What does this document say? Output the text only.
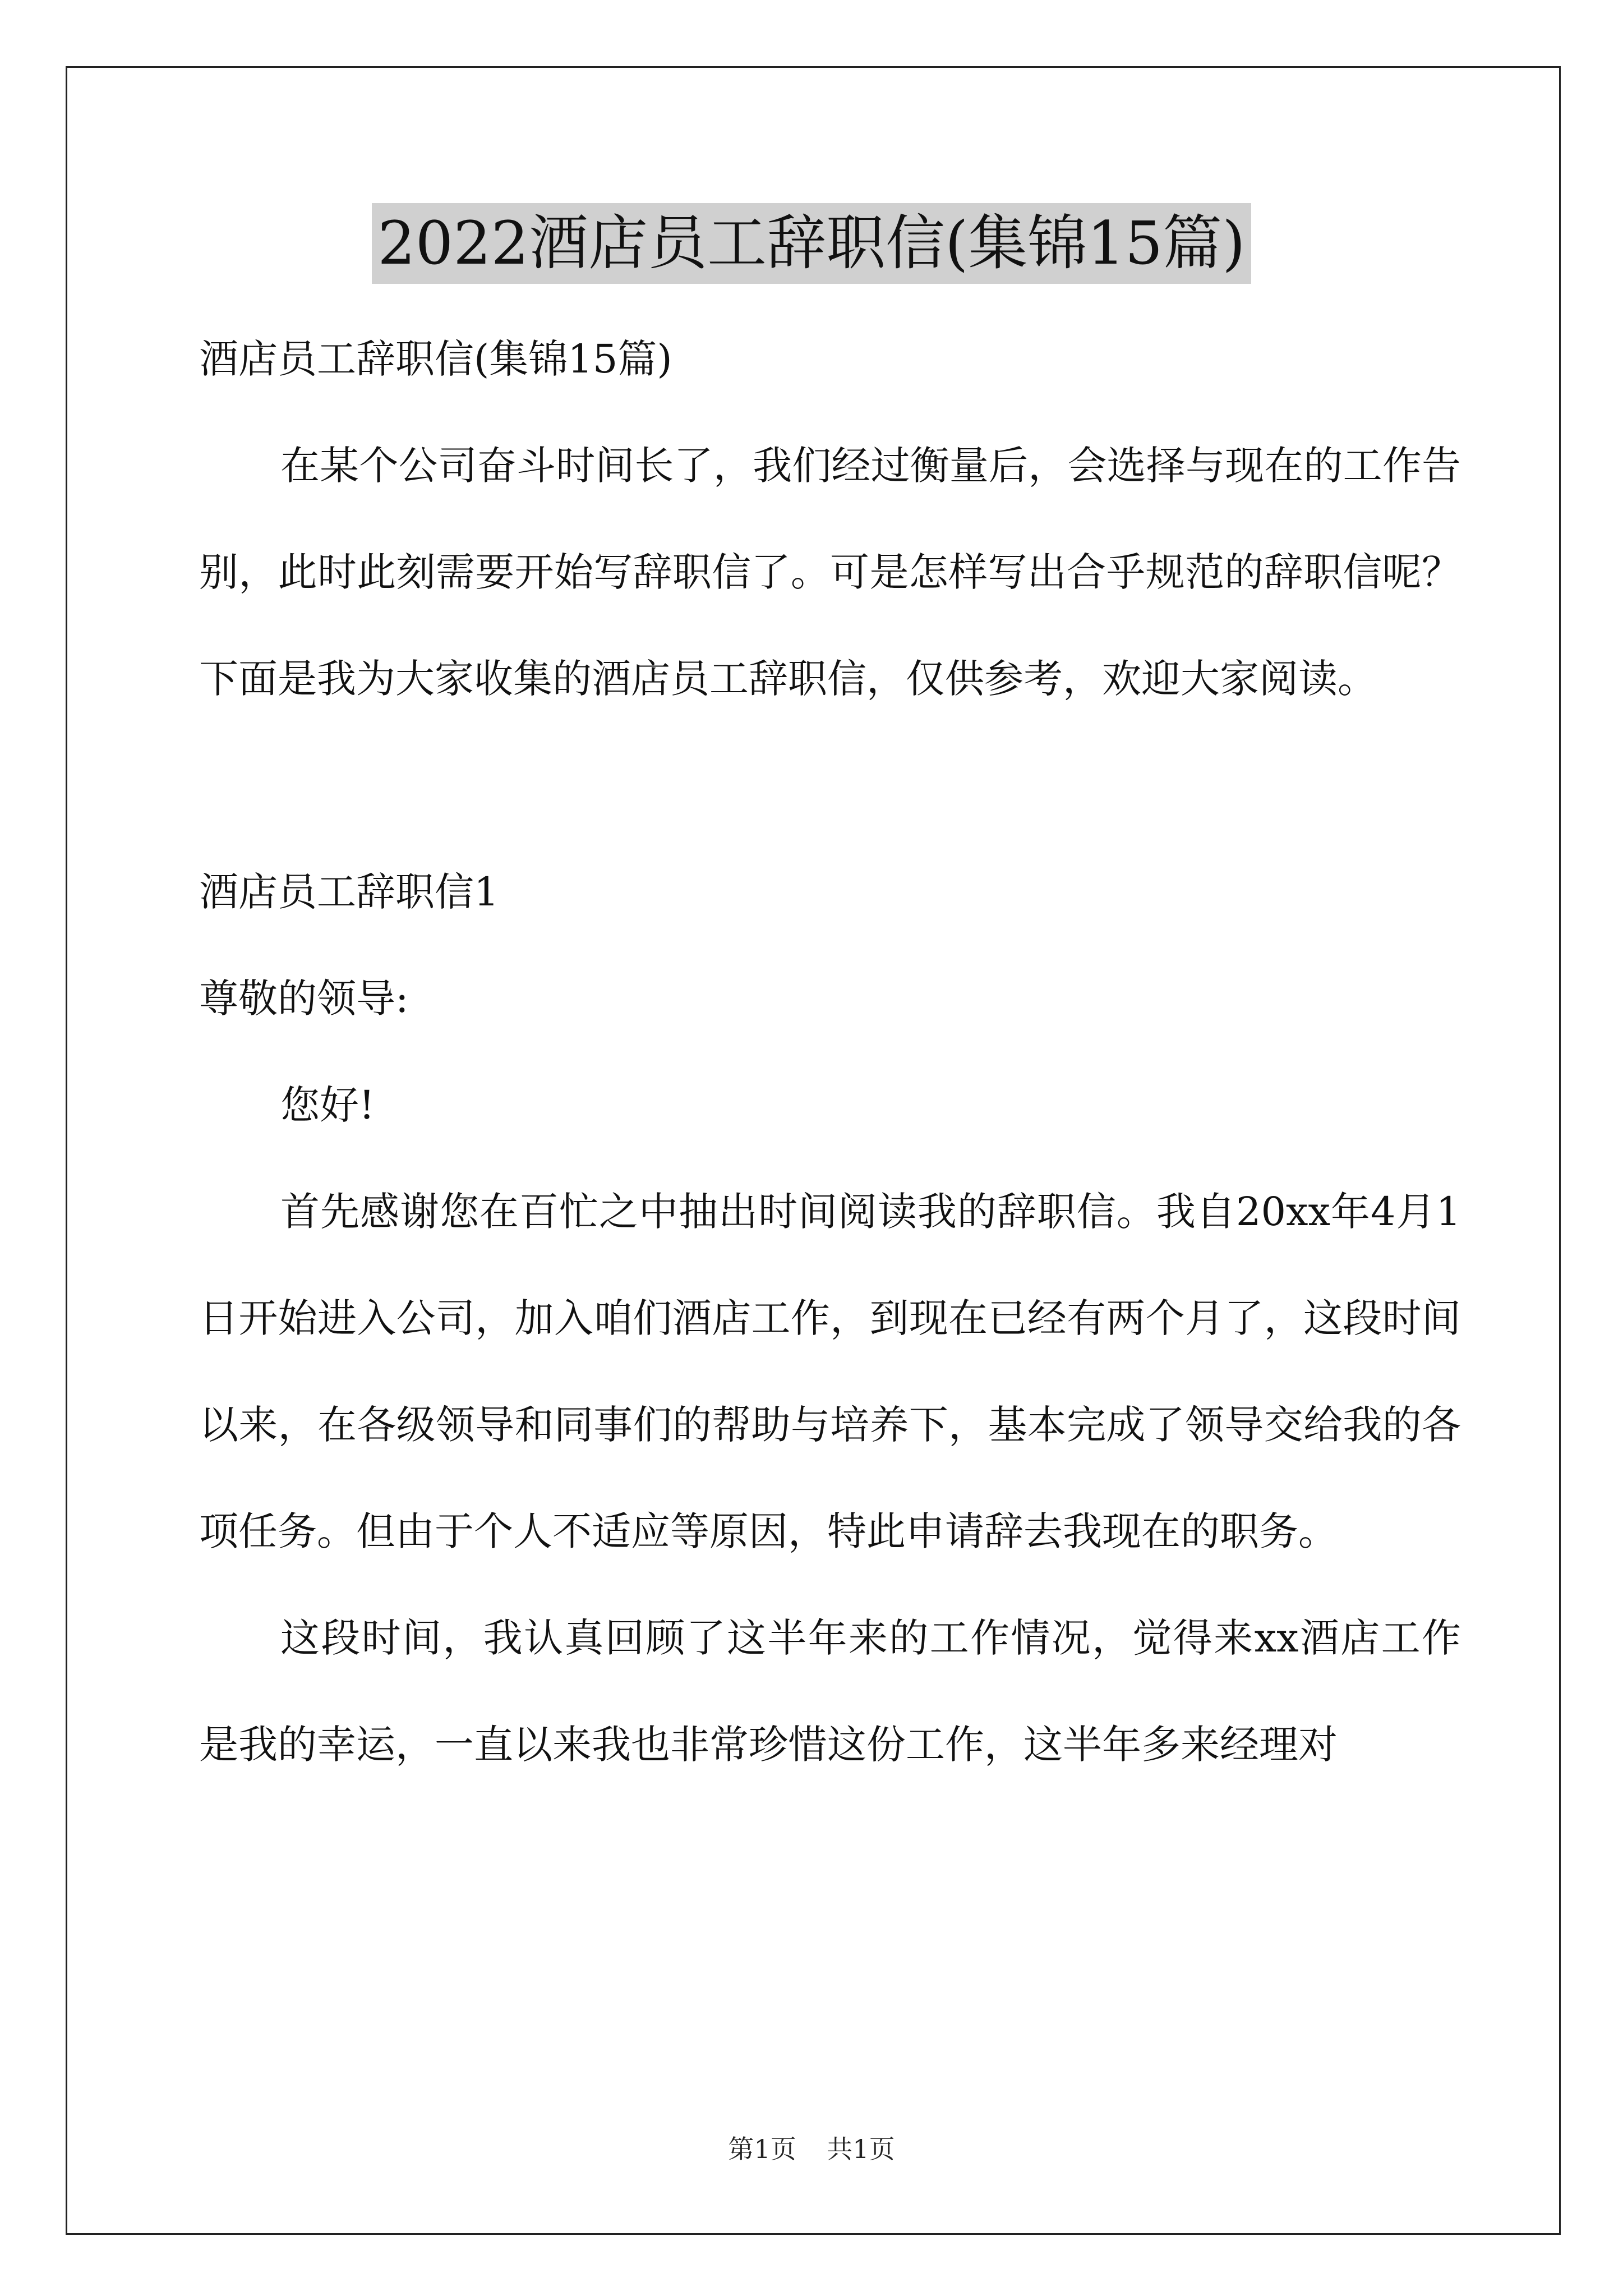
2022酒店员工辞职信(集锦15篇)
酒店员工辞职信(集锦15篇)
在某个公司奋斗时间长了，我们经过衡量后，会选择与现在的工作告别，此时此刻需要开始写辞职信了。可是怎样写出合乎规范的辞职信呢？下面是我为大家收集的酒店员工辞职信，仅供参考，欢迎大家阅读。
酒店员工辞职信1
尊敬的领导:
您好!
首先感谢您在百忙之中抽出时间阅读我的辞职信。我自20xx年4月1日开始进入公司，加入咱们酒店工作，到现在已经有两个月了，这段时间以来，在各级领导和同事们的帮助与培养下，基本完成了领导交给我的各项任务。但由于个人不适应等原因，特此申请辞去我现在的职务。
这段时间，我认真回顾了这半年来的工作情况，觉得来xx酒店工作是我的幸运，一直以来我也非常珍惜这份工作，这半年多来经理对
第1页 共1页
